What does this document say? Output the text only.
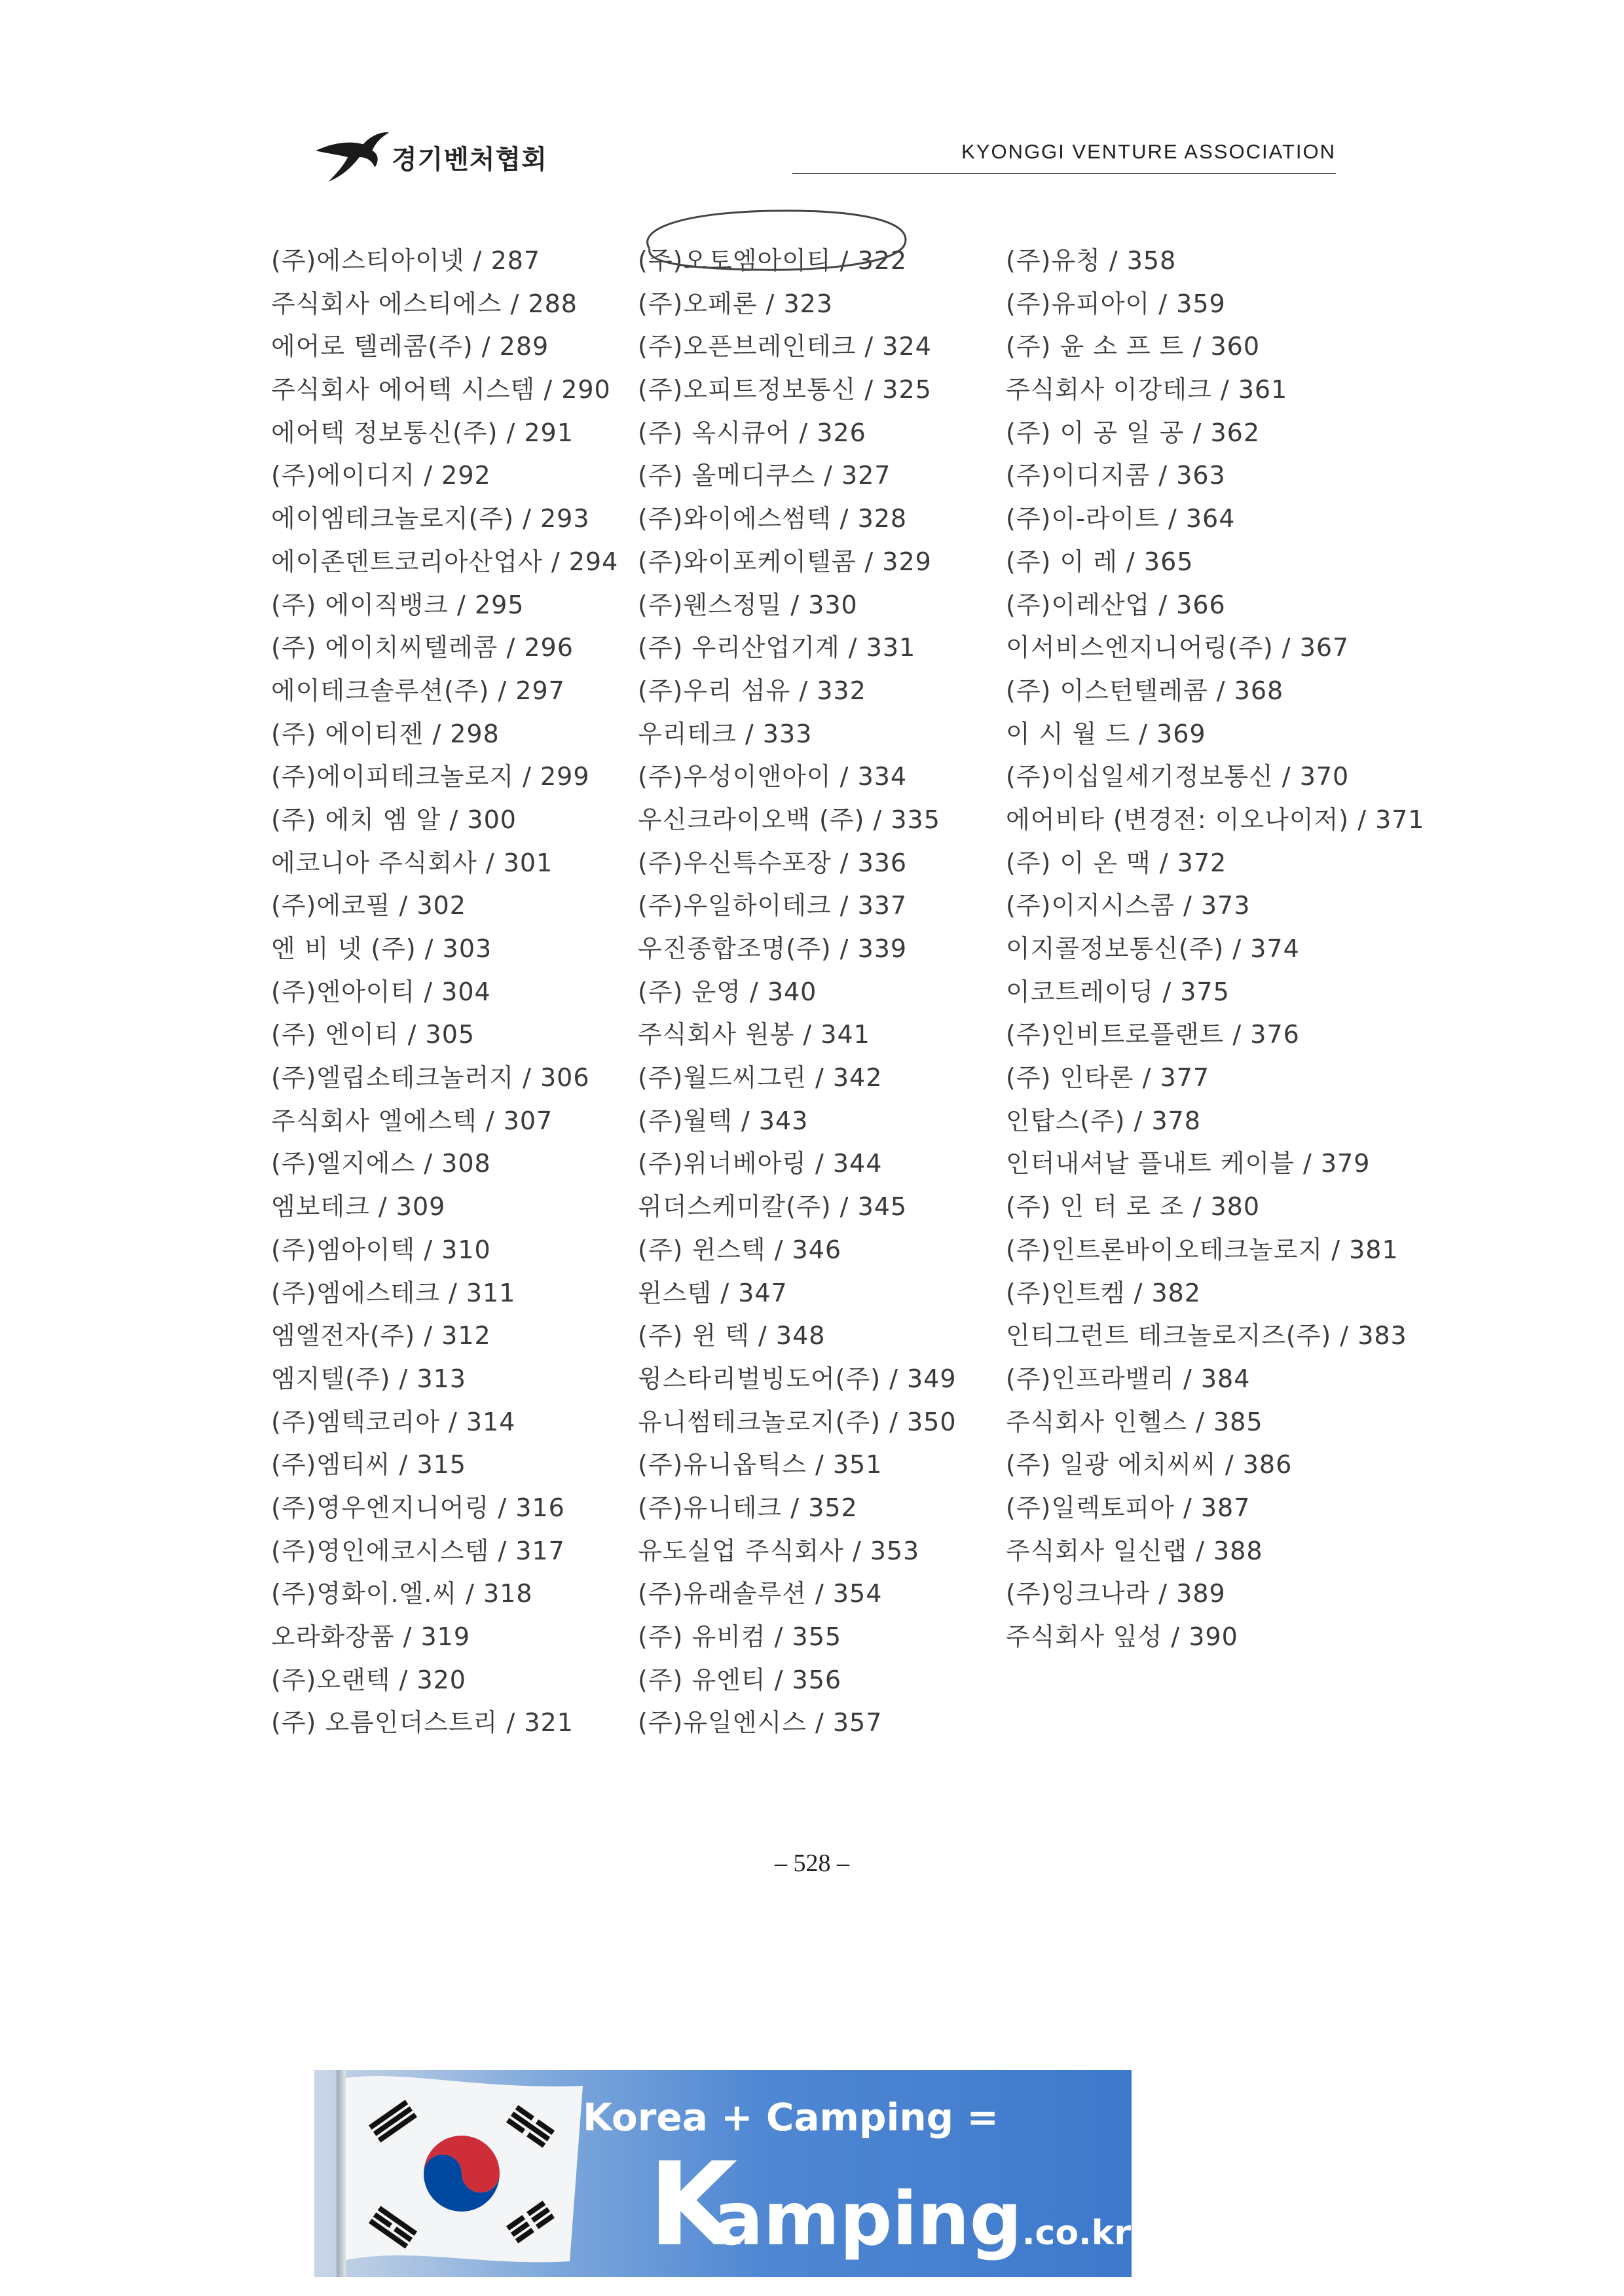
경기벤처협회	KYONGGI VENTURE ASSOCIATION
(주)에스티아이넷 / 287
주식회사 에스티에스 / 288
에어로 텔레콤(주) / 289
주식회사 에어텍 시스템 / 290
에어텍 정보통신(주) / 291
(주)에이디지 / 292
에이엠테크놀로지(주) / 293
에이존덴트코리아산업사 / 294
(주) 에이직뱅크 / 295
(주) 에이치씨텔레콤 / 296
에이테크솔루션(주) / 297
(주) 에이티젠 / 298
(주)에이피테크놀로지 / 299
(주) 에치 엠 알 / 300
에코니아 주식회사 / 301
(주)에코필 / 302
엔 비 넷 (주) / 303
(주)엔아이티 / 304
(주) 엔이티 / 305
(주)엘립소테크놀러지 / 306
주식회사 엘에스텍 / 307
(주)엘지에스 / 308
엠보테크 / 309
(주)엠아이텍 / 310
(주)엠에스테크 / 311
엠엘전자(주) / 312
엠지텔(주) / 313
(주)엠텍코리아 / 314
(주)엠티씨 / 315
(주)영우엔지니어링 / 316
(주)영인에코시스템 / 317
(주)영화이.엘.씨 / 318
오라화장품 / 319
(주)오랜텍 / 320
(주) 오름인더스트리 / 321
(주)오토엠아이티 / 322
(주)오페론 / 323
(주)오픈브레인테크 / 324
(주)오피트정보통신 / 325
(주) 옥시큐어 / 326
(주) 올메디쿠스 / 327
(주)와이에스썸텍 / 328
(주)와이포케이텔콤 / 329
(주)웬스정밀 / 330
(주) 우리산업기계 / 331
(주)우리 섬유 / 332
우리테크 / 333
(주)우성이앤아이 / 334
우신크라이오백 (주) / 335
(주)우신특수포장 / 336
(주)우일하이테크 / 337
우진종합조명(주) / 339
(주) 운영 / 340
주식회사 원봉 / 341
(주)월드씨그린 / 342
(주)월텍 / 343
(주)위너베아링 / 344
위더스케미칼(주) / 345
(주) 윈스텍 / 346
윈스템 / 347
(주) 윈 텍 / 348
윙스타리벌빙도어(주) / 349
유니썸테크놀로지(주) / 350
(주)유니옵틱스 / 351
(주)유니테크 / 352
유도실업 주식회사 / 353
(주)유래솔루션 / 354
(주) 유비컴 / 355
(주) 유엔티 / 356
(주)유일엔시스 / 357
(주)유청 / 358
(주)유피아이 / 359
(주) 윤 소 프 트 / 360
주식회사 이강테크 / 361
(주) 이 공 일 공 / 362
(주)이디지콤 / 363
(주)이-라이트 / 364
(주) 이 레 / 365
(주)이레산업 / 366
이서비스엔지니어링(주) / 367
(주) 이스턴텔레콤 / 368
이 시 월 드 / 369
(주)이십일세기정보통신 / 370
에어비타 (변경전: 이오나이저) / 371
(주) 이 온 맥 / 372
(주)이지시스콤 / 373
이지콜정보통신(주) / 374
이코트레이딩 / 375
(주)인비트로플랜트 / 376
(주) 인타론 / 377
인탑스(주) / 378
인터내셔날 플내트 케이블 / 379
(주) 인 터 로 조 / 380
(주)인트론바이오테크놀로지 / 381
(주)인트켐 / 382
인티그런트 테크놀로지즈(주) / 383
(주)인프라밸리 / 384
주식회사 인헬스 / 385
(주) 일광 에치씨씨 / 386
(주)일렉토피아 / 387
주식회사 일신랩 / 388
(주)잉크나라 / 389
주식회사 잎성 / 390
– 528 –
Korea + Camping =
K
amping.co.kr
